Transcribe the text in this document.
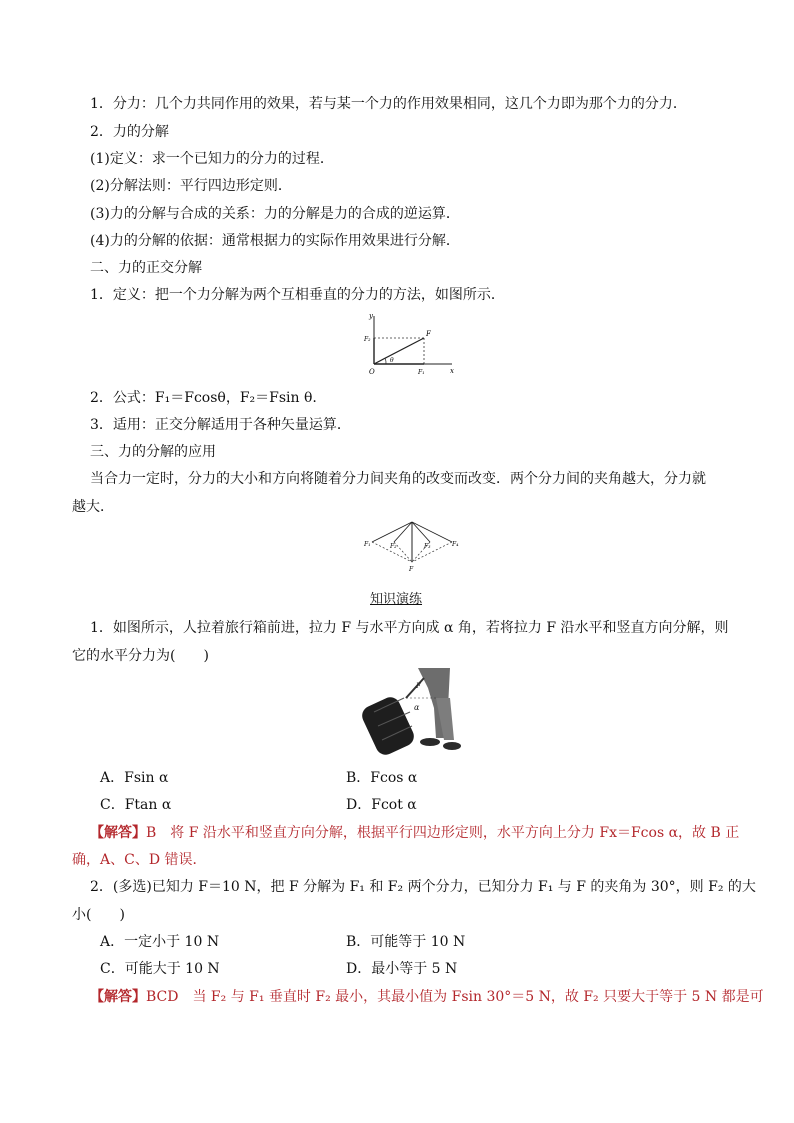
1．分力：几个力共同作用的效果，若与某一个力的作用效果相同，这几个力即为那个力的分力．
2．力的分解
(1)定义：求一个已知力的分力的过程．
(2)分解法则：平行四边形定则．
(3)力的分解与合成的关系：力的分解是力的合成的逆运算．
(4)力的分解的依据：通常根据力的实际作用效果进行分解．
二、力的正交分解
1．定义：把一个力分解为两个互相垂直的分力的方法，如图所示．
y
x
O
F
F₁
F₂
θ
2．公式：F₁＝Fcosθ，F₂＝Fsin θ.
3．适用：正交分解适用于各种矢量运算．
三、力的分解的应用
当合力一定时，分力的大小和方向将随着分力间夹角的改变而改变．两个分力间的夹角越大，分力就
越大．
F₁	F₂	F₃	F₄
F
知识演练
1．如图所示，人拉着旅行箱前进，拉力 F 与水平方向成 α 角，若将拉力 F 沿水平和竖直方向分解，则
它的水平分力为(　　)
F
α
A．Fsin α	B．Fcos α
C．Ftan α	D．Fcot α
【解答】B　将 F 沿水平和竖直方向分解，根据平行四边形定则，水平方向上分力 Fx＝Fcos α，故 B 正
确，A、C、D 错误．
2．(多选)已知力 F＝10 N，把 F 分解为 F₁ 和 F₂ 两个分力，已知分力 F₁ 与 F 的夹角为 30°，则 F₂ 的大
小(　　)
A．一定小于 10 N	B．可能等于 10 N
C．可能大于 10 N	D．最小等于 5 N
【解答】BCD　当 F₂ 与 F₁ 垂直时 F₂ 最小，其最小值为 Fsin 30°＝5 N，故 F₂ 只要大于等于 5 N 都是可
